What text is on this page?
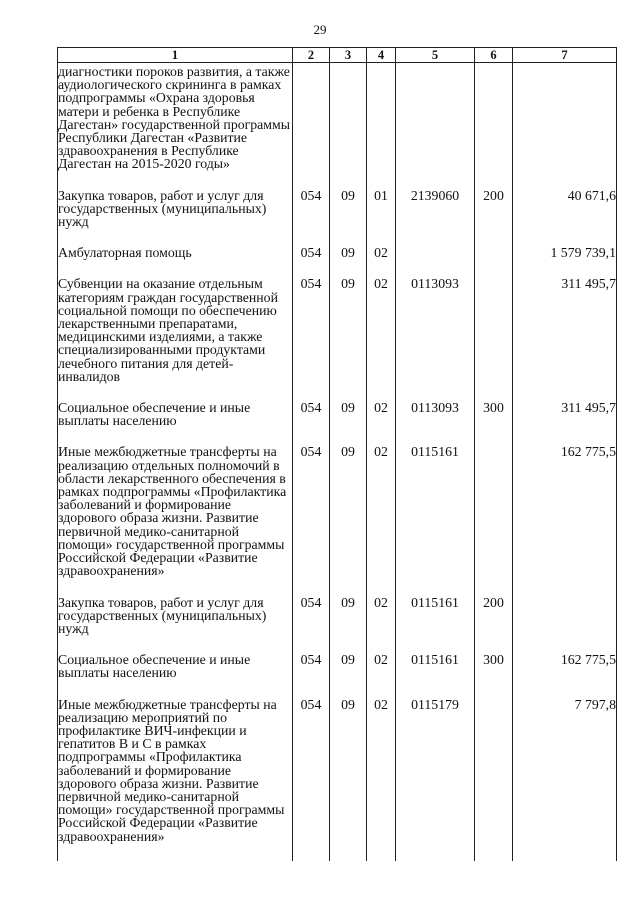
29
1	2	3	4	5	6	7
диагностики пороков развития, а также аудиологического скрининга в рамках подпрограммы «Охрана здоровья матери и ребенка в Республике Дагестан» государственной программы Республики Дагестан «Развитие здравоохранения в Республике Дагестан на 2015-2020 годы»						
Закупка товаров, работ и услуг для государственных (муниципальных) нужд	054	09	01	2139060	200	40 671,6
Амбулаторная помощь	054	09	02			1 579 739,1
Субвенции на оказание отдельным категориям граждан государственной социальной помощи по обеспечению лекарственными препаратами, медицинскими изделиями, а также специализированными продуктами лечебного питания для детей-инвалидов	054	09	02	0113093		311 495,7
Социальное обеспечение и иные выплаты населению	054	09	02	0113093	300	311 495,7
Иные межбюджетные трансферты на реализацию отдельных полномочий в области лекарственного обеспечения в рамках подпрограммы «Профилактика заболеваний и формирование здорового образа жизни. Развитие первичной медико-санитарной помощи» государственной программы Российской Федерации «Развитие здравоохранения»	054	09	02	0115161		162 775,5
Закупка товаров, работ и услуг для государственных (муниципальных) нужд	054	09	02	0115161	200	
Социальное обеспечение и иные выплаты населению	054	09	02	0115161	300	162 775,5
Иные межбюджетные трансферты на реализацию мероприятий по профилактике ВИЧ-инфекции и гепатитов B и C в рамках подпрограммы «Профилактика заболеваний и формирование здорового образа жизни. Развитие первичной медико-санитарной помощи» государственной программы Российской Федерации «Развитие здравоохранения»	054	09	02	0115179		7 797,8
